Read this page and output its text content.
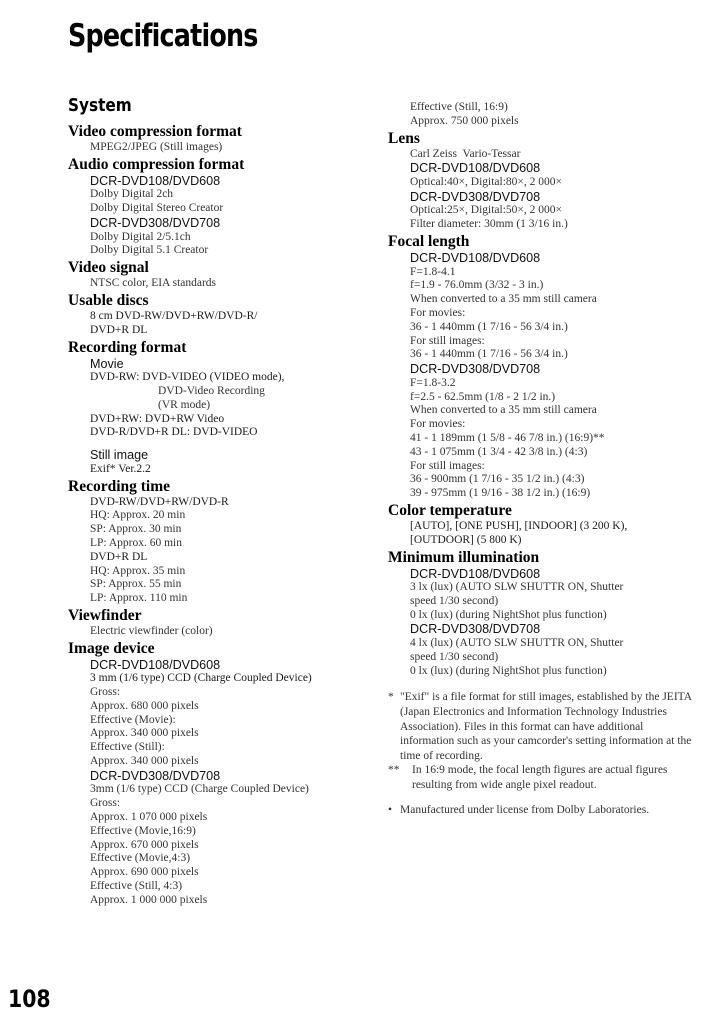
Specifications
System
Video compression format
MPEG2/JPEG (Still images)
Audio compression format
DCR-DVD108/DVD608
Dolby Digital 2ch
Dolby Digital Stereo Creator
DCR-DVD308/DVD708
Dolby Digital 2/5.1ch
Dolby Digital 5.1 Creator
Video signal
NTSC color, EIA standards
Usable discs
8 cm DVD-RW/DVD+RW/DVD-R/
DVD+R DL
Recording format
Movie
DVD-RW: DVD-VIDEO (VIDEO mode),
DVD-Video Recording
(VR mode)
DVD+RW: DVD+RW Video
DVD-R/DVD+R DL: DVD-VIDEO
Still image
Exif* Ver.2.2
Recording time
DVD-RW/DVD+RW/DVD-R
HQ: Approx. 20 min
SP: Approx. 30 min
LP: Approx. 60 min
DVD+R DL
HQ: Approx. 35 min
SP: Approx. 55 min
LP: Approx. 110 min
Viewfinder
Electric viewfinder (color)
Image device
DCR-DVD108/DVD608
3 mm (1/6 type) CCD (Charge Coupled Device)
Gross:
Approx. 680 000 pixels
Effective (Movie):
Approx. 340 000 pixels
Effective (Still):
Approx. 340 000 pixels
DCR-DVD308/DVD708
3mm (1/6 type) CCD (Charge Coupled Device)
Gross:
Approx. 1 070 000 pixels
Effective (Movie,16:9)
Approx. 670 000 pixels
Effective (Movie,4:3)
Approx. 690 000 pixels
Effective (Still, 4:3)
Approx. 1 000 000 pixels
Effective (Still, 16:9)
Approx. 750 000 pixels
Lens
Carl Zeiss  Vario-Tessar
DCR-DVD108/DVD608
Optical:40×, Digital:80×, 2 000×
DCR-DVD308/DVD708
Optical:25×, Digital:50×, 2 000×
Filter diameter: 30mm (1 3/16 in.)
Focal length
DCR-DVD108/DVD608
F=1.8-4.1
f=1.9 - 76.0mm (3/32 - 3 in.)
When converted to a 35 mm still camera
For movies:
36 - 1 440mm (1 7/16 - 56 3/4 in.)
For still images:
36 - 1 440mm (1 7/16 - 56 3/4 in.)
DCR-DVD308/DVD708
F=1.8-3.2
f=2.5 - 62.5mm (1/8 - 2 1/2 in.)
When converted to a 35 mm still camera
For movies:
41 - 1 189mm (1 5/8 - 46 7/8 in.) (16:9)**
43 - 1 075mm (1 3/4 - 42 3/8 in.) (4:3)
For still images:
36 - 900mm (1 7/16 - 35 1/2 in.) (4:3)
39 - 975mm (1 9/16 - 38 1/2 in.) (16:9)
Color temperature
[AUTO], [ONE PUSH], [INDOOR] (3 200 K),
[OUTDOOR] (5 800 K)
Minimum illumination
DCR-DVD108/DVD608
3 lx (lux) (AUTO SLW SHUTTR ON, Shutter
speed 1/30 second)
0 lx (lux) (during NightShot plus function)
DCR-DVD308/DVD708
4 lx (lux) (AUTO SLW SHUTTR ON, Shutter
speed 1/30 second)
0 lx (lux) (during NightShot plus function)
* "Exif" is a file format for still images, established by the JEITA (Japan Electronics and Information Technology Industries Association). Files in this format can have additional information such as your camcorder's setting information at the time of recording.
** In 16:9 mode, the focal length figures are actual figures resulting from wide angle pixel readout.
• Manufactured under license from Dolby Laboratories.
108
